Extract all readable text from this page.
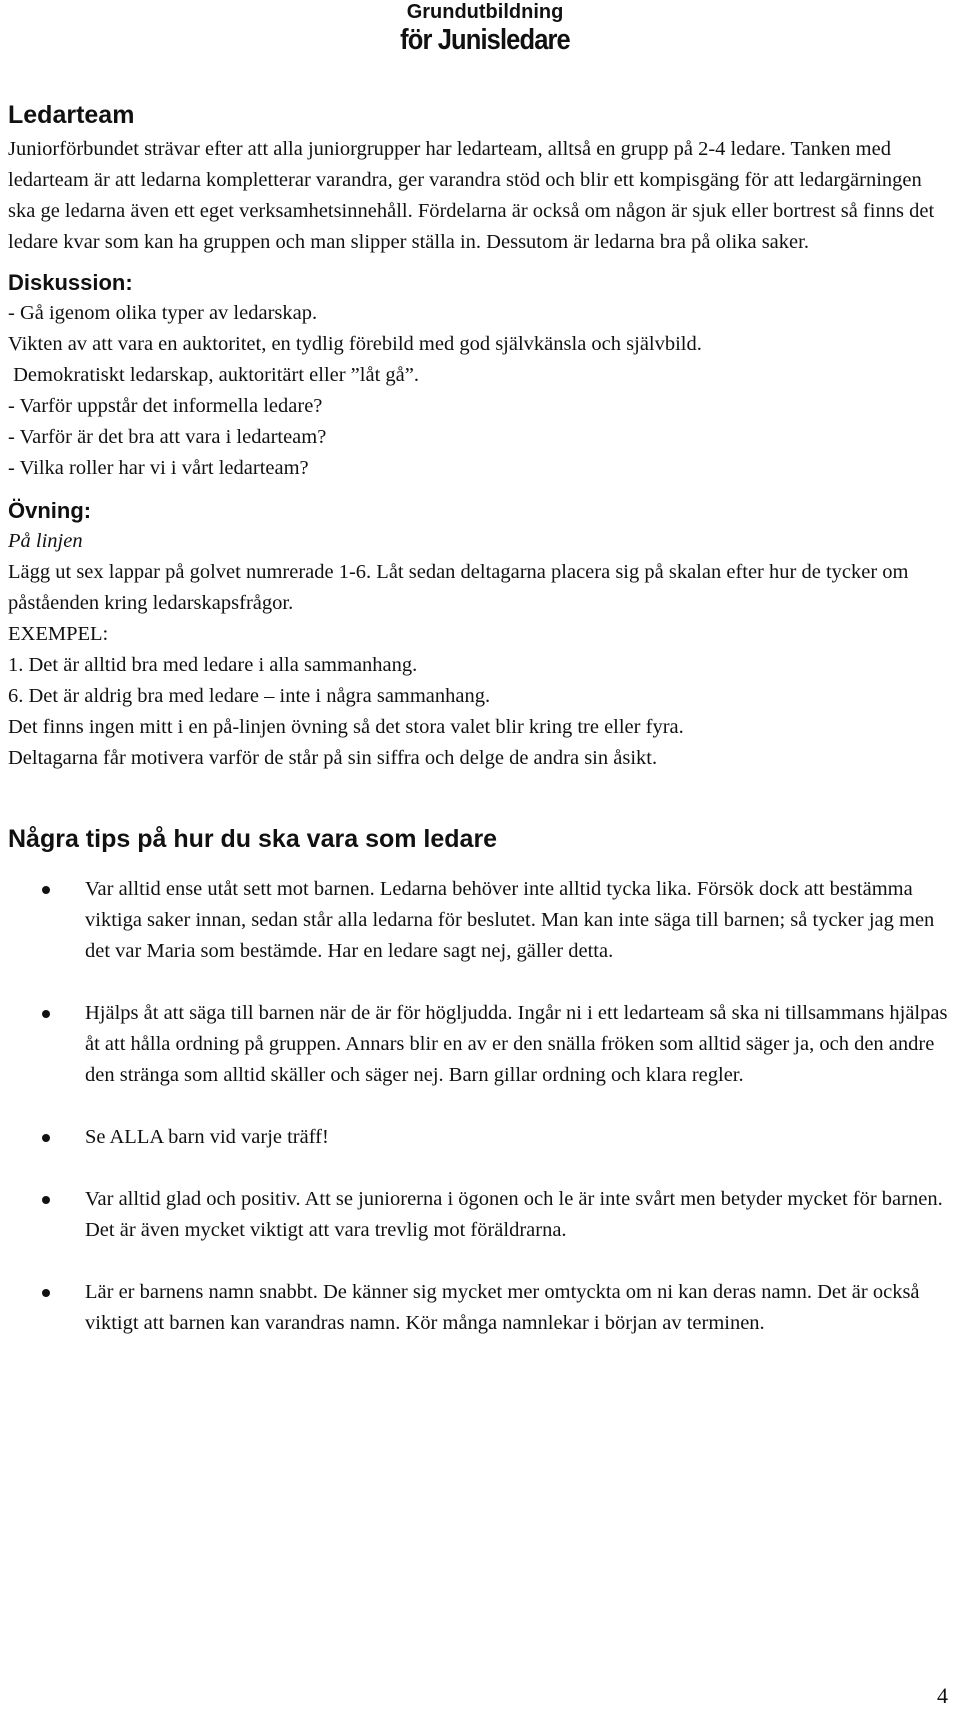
Grundutbildning
för Junisledare
Ledarteam

Juniorförbundet strävar efter att alla juniorgrupper har ledarteam, alltså en grupp på 2-4 ledare. Tanken med ledarteam är att ledarna kompletterar varandra, ger varandra stöd och blir ett kompisgäng för att ledargärningen ska ge ledarna även ett eget verksamhetsinnehåll. Fördelarna är också om någon är sjuk eller bortrest så finns det ledare kvar som kan ha gruppen och man slipper ställa in. Dessutom är ledarna bra på olika saker.

Diskussion:

- Gå igenom olika typer av ledarskap.

Vikten av att vara en auktoritet, en tydlig förebild med god självkänsla och självbild.

Demokratiskt ledarskap, auktoritärt eller ”låt gå”.

- Varför uppstår det informella ledare?

- Varför är det bra att vara i ledarteam?

- Vilka roller har vi i vårt ledarteam?

Övning:

På linjen

Lägg ut sex lappar på golvet numrerade 1-6. Låt sedan deltagarna placera sig på skalan efter hur de tycker om påståenden kring ledarskapsfrågor.

EXEMPEL:

1. Det är alltid bra med ledare i alla sammanhang.

6. Det är aldrig bra med ledare – inte i några sammanhang.

Det finns ingen mitt i en på-linjen övning så det stora valet blir kring tre eller fyra.

Deltagarna får motivera varför de står på sin siffra och delge de andra sin åsikt.

Några tips på hur du ska vara som ledare

Var alltid ense utåt sett mot barnen. Ledarna behöver inte alltid tycka lika. Försök dock att bestämma viktiga saker innan, sedan står alla ledarna för beslutet. Man kan inte säga till barnen; så tycker jag men det var Maria som bestämde. Har en ledare sagt nej, gäller detta.

Hjälps åt att säga till barnen när de är för högljudda. Ingår ni i ett ledarteam så ska ni tillsammans hjälpas åt att hålla ordning på gruppen. Annars blir en av er den snälla fröken som alltid säger ja, och den andre den stränga som alltid skäller och säger nej. Barn gillar ordning och klara regler.

Se ALLA barn vid varje träff!

Var alltid glad och positiv. Att se juniorerna i ögonen och le är inte svårt men betyder mycket för barnen. Det är även mycket viktigt att vara trevlig mot föräldrarna.

Lär er barnens namn snabbt. De känner sig mycket mer omtyckta om ni kan deras namn. Det är också viktigt att barnen kan varandras namn. Kör många namnlekar i början av terminen.

4
